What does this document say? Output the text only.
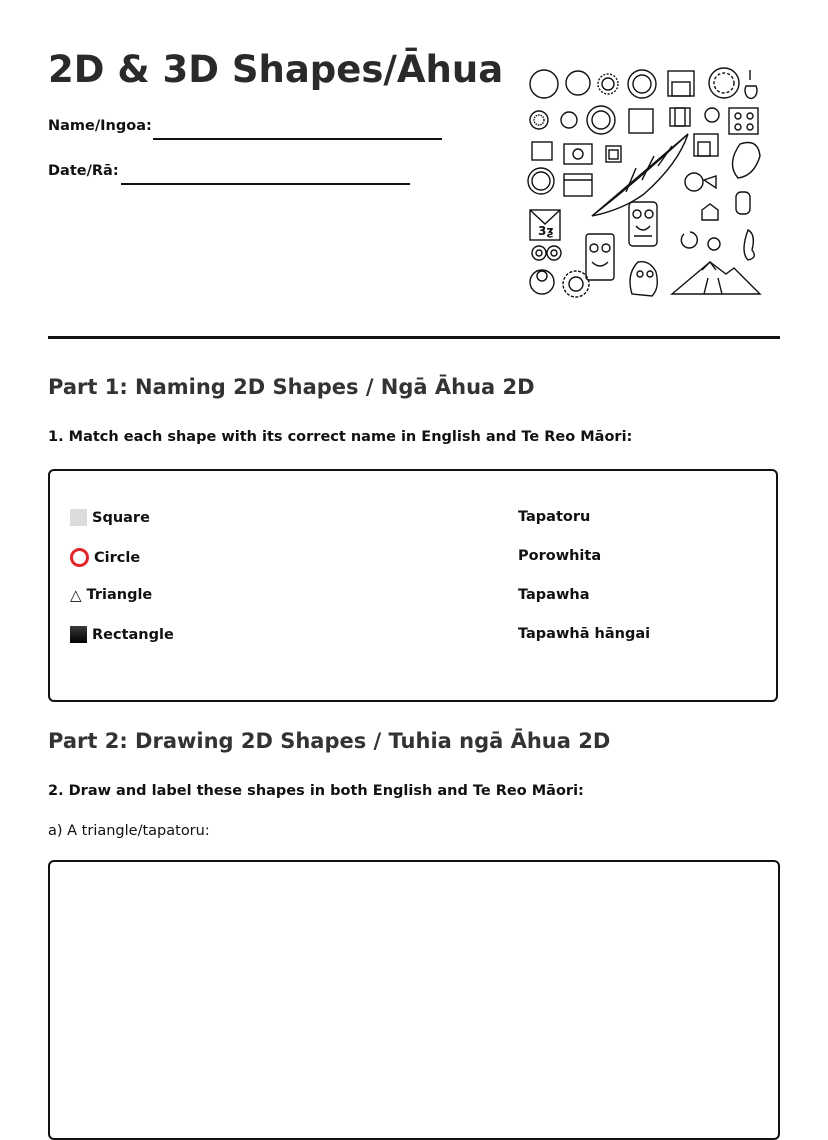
2D & 3D Shapes/Āhua
Name/Ingoa:
Date/Rā:
3ƺ
Part 1: Naming 2D Shapes / Ngā Āhua 2D

1. Match each shape with its correct name in English and Te Reo Māori:

Square
Circle
△ Triangle
Rectangle
Tapatoru
Porowhita
Tapawha
Tapawhā hāngai
Part 2: Drawing 2D Shapes / Tuhia ngā Āhua 2D

2. Draw and label these shapes in both English and Te Reo Māori:

a) A triangle/tapatoru:
